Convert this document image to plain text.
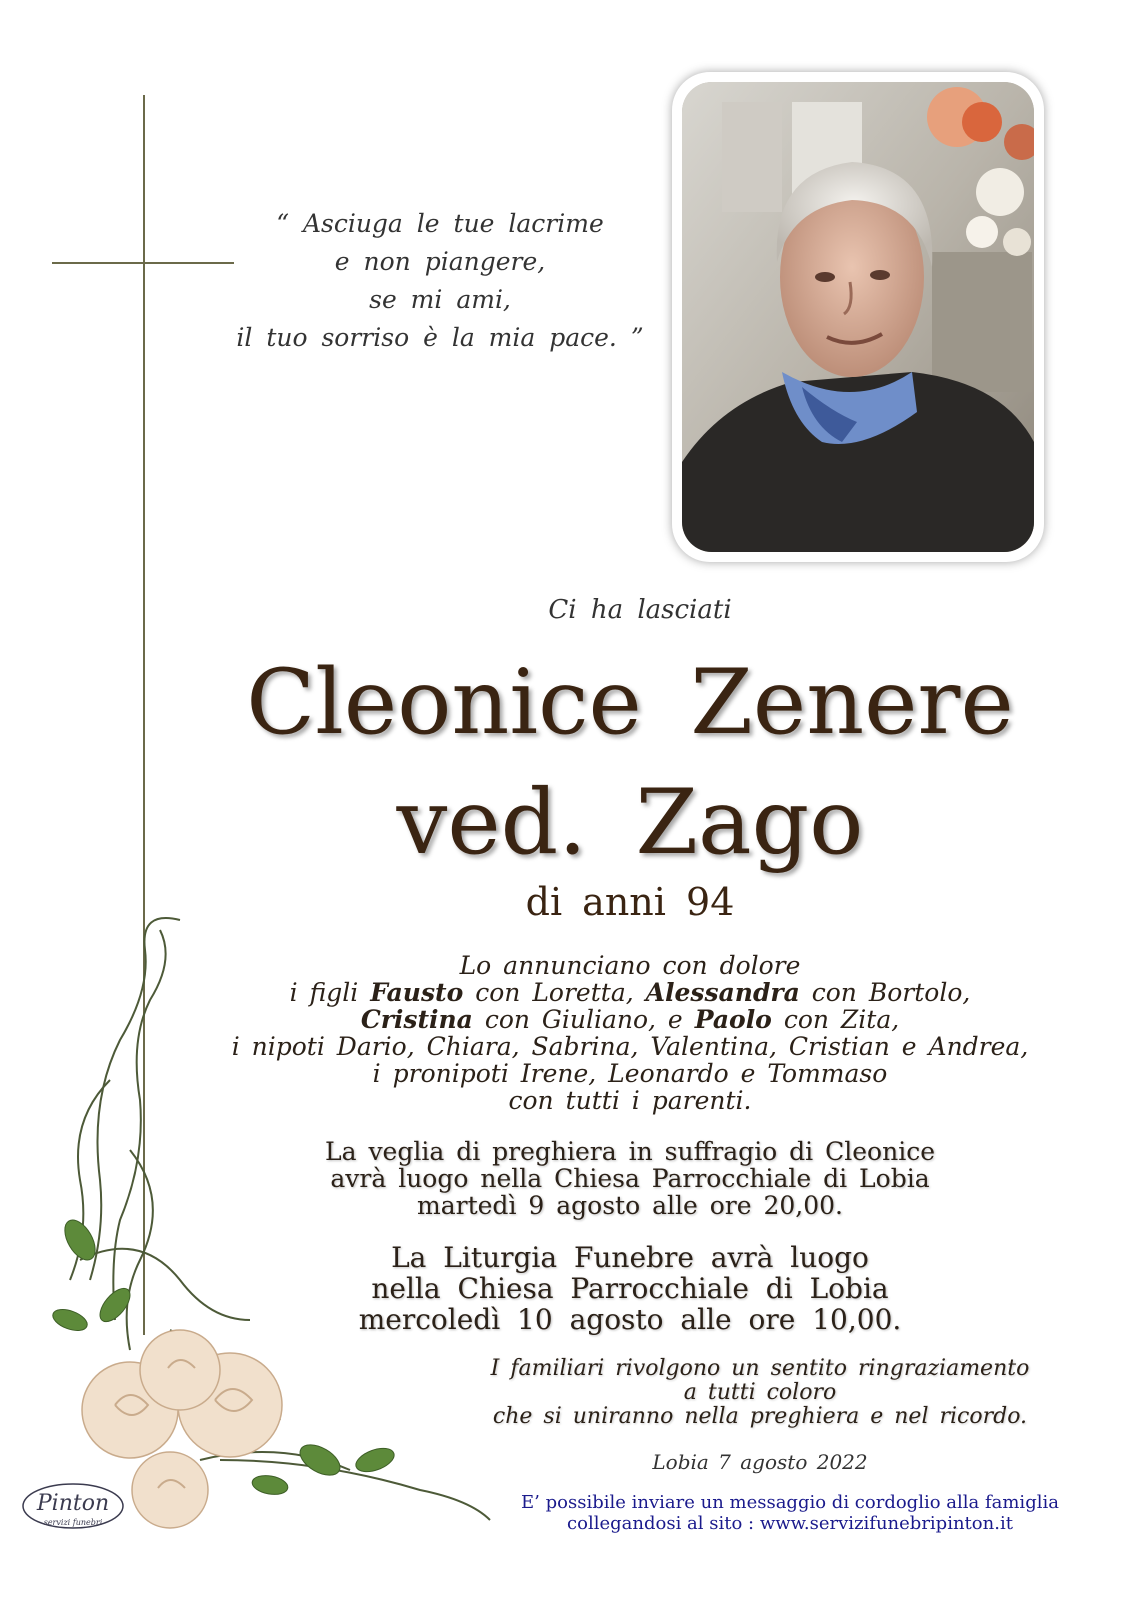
“ Asciuga le tue lacrime
e non piangere,
se mi ami,
il tuo sorriso è la mia pace. ”
Ci ha lasciati
Cleonice Zenere
ved. Zago
di anni 94
Lo annunciano con dolore
i figli Fausto con Loretta, Alessandra con Bortolo,
Cristina con Giuliano, e Paolo con Zita,
i nipoti Dario, Chiara, Sabrina, Valentina, Cristian e Andrea,
i pronipoti Irene, Leonardo e Tommaso
con tutti i parenti.
La veglia di preghiera in suffragio di Cleonice
avrà luogo nella Chiesa Parrocchiale di Lobia
martedì 9 agosto alle ore 20,00.
La Liturgia Funebre avrà luogo
nella Chiesa Parrocchiale di Lobia
mercoledì 10 agosto alle ore 10,00.
I familiari rivolgono un sentito ringraziamento
a tutti coloro
che si uniranno nella preghiera e nel ricordo.
Lobia 7 agosto 2022
E’ possibile inviare un messaggio di cordoglio alla famiglia
collegandosi al sito : www.servizifunebripinton.it
Pinton
servizi funebri
